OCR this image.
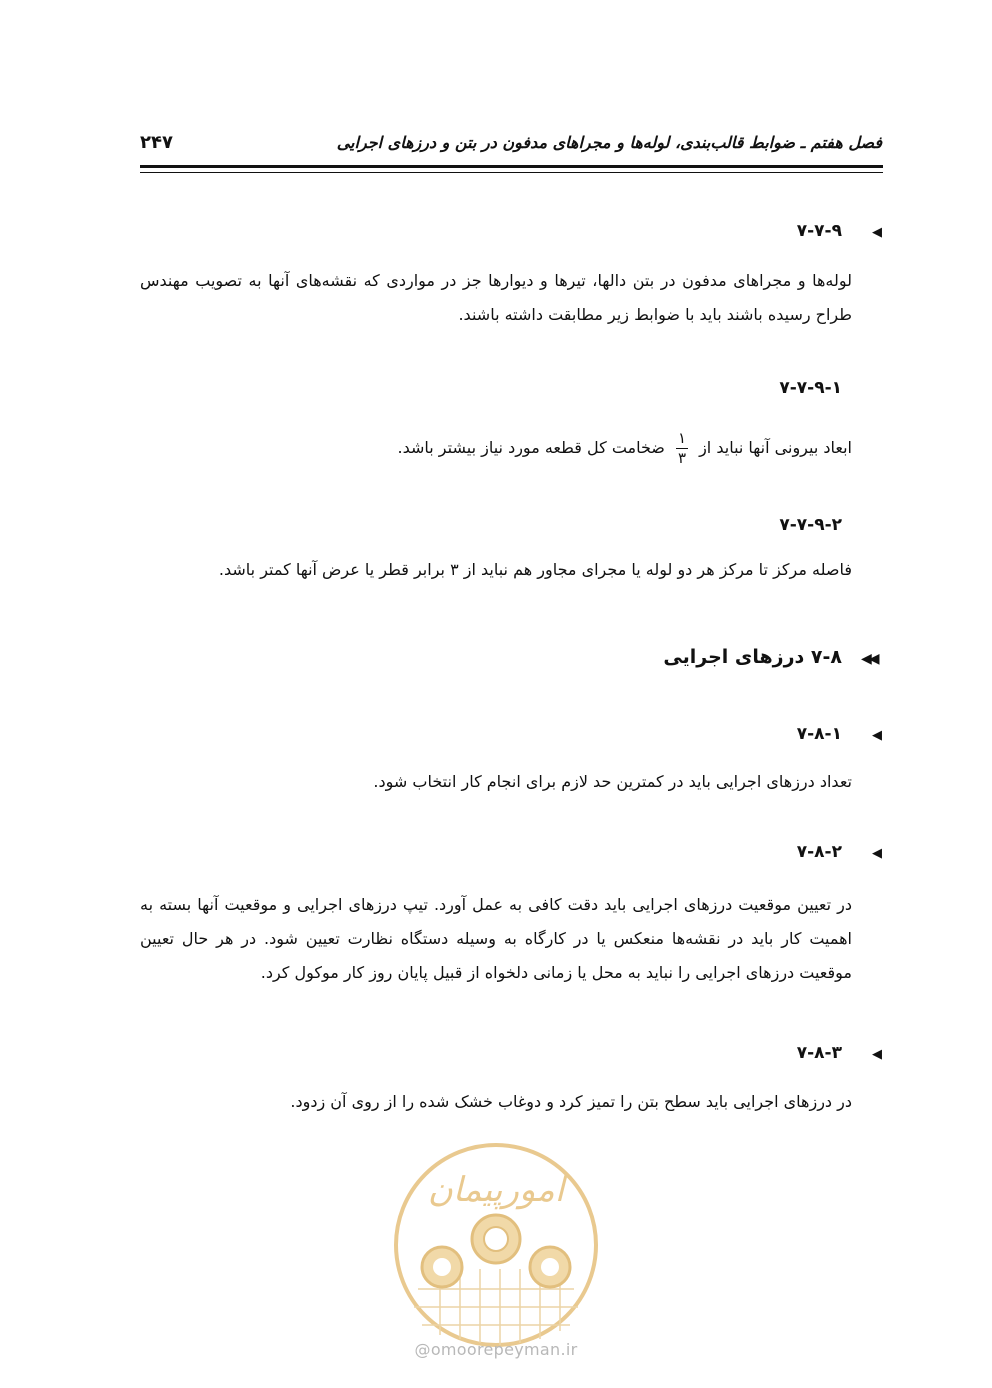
فصل هفتم ـ ضوابط قالب‌بندی، لوله‌ها و مجراهای مدفون در بتن و درزهای اجرایی
۲۴۷
◀
۷-۷-۹
لوله‌ها و مجراهای مدفون در بتن دالها، تیرها و دیوارها جز در مواردی که نقشه‌های آنها به تصویب مهندس طراح رسیده باشند باید با ضوابط زیر مطابقت داشته باشند.
۷-۷-۹-۱
ابعاد بیرونی آنها نباید از
$\frac{۱}{۳}$
ضخامت کل قطعه مورد نیاز بیشتر باشد.
۷-۷-۹-۲
فاصله مرکز تا مرکز هر دو لوله یا مجرای مجاور هم نباید از ۳ برابر قطر یا عرض آنها کمتر باشد.
◀◀
۷-۸ درزهای اجرایی
◀
۷-۸-۱
تعداد درزهای اجرایی باید در کمترین حد لازم برای انجام کار انتخاب شود.
◀
۷-۸-۲
در تعیین موقعیت درزهای اجرایی باید دقت کافی به عمل آورد. تیپ درزهای اجرایی و موقعیت آنها بسته به اهمیت کار باید در نقشه‌ها منعکس یا در کارگاه به وسیله دستگاه نظارت تعیین شود. در هر حال تعیین موقعیت درزهای اجرایی را نباید به محل یا زمانی دلخواه از قبیل پایان روز کار موکول کرد.
◀
۷-۸-۳
در درزهای اجرایی باید سطح بتن را تمیز کرد و دوغاب خشک شده را از روی آن زدود.
امورپیمان
@omoorepeyman.ir
